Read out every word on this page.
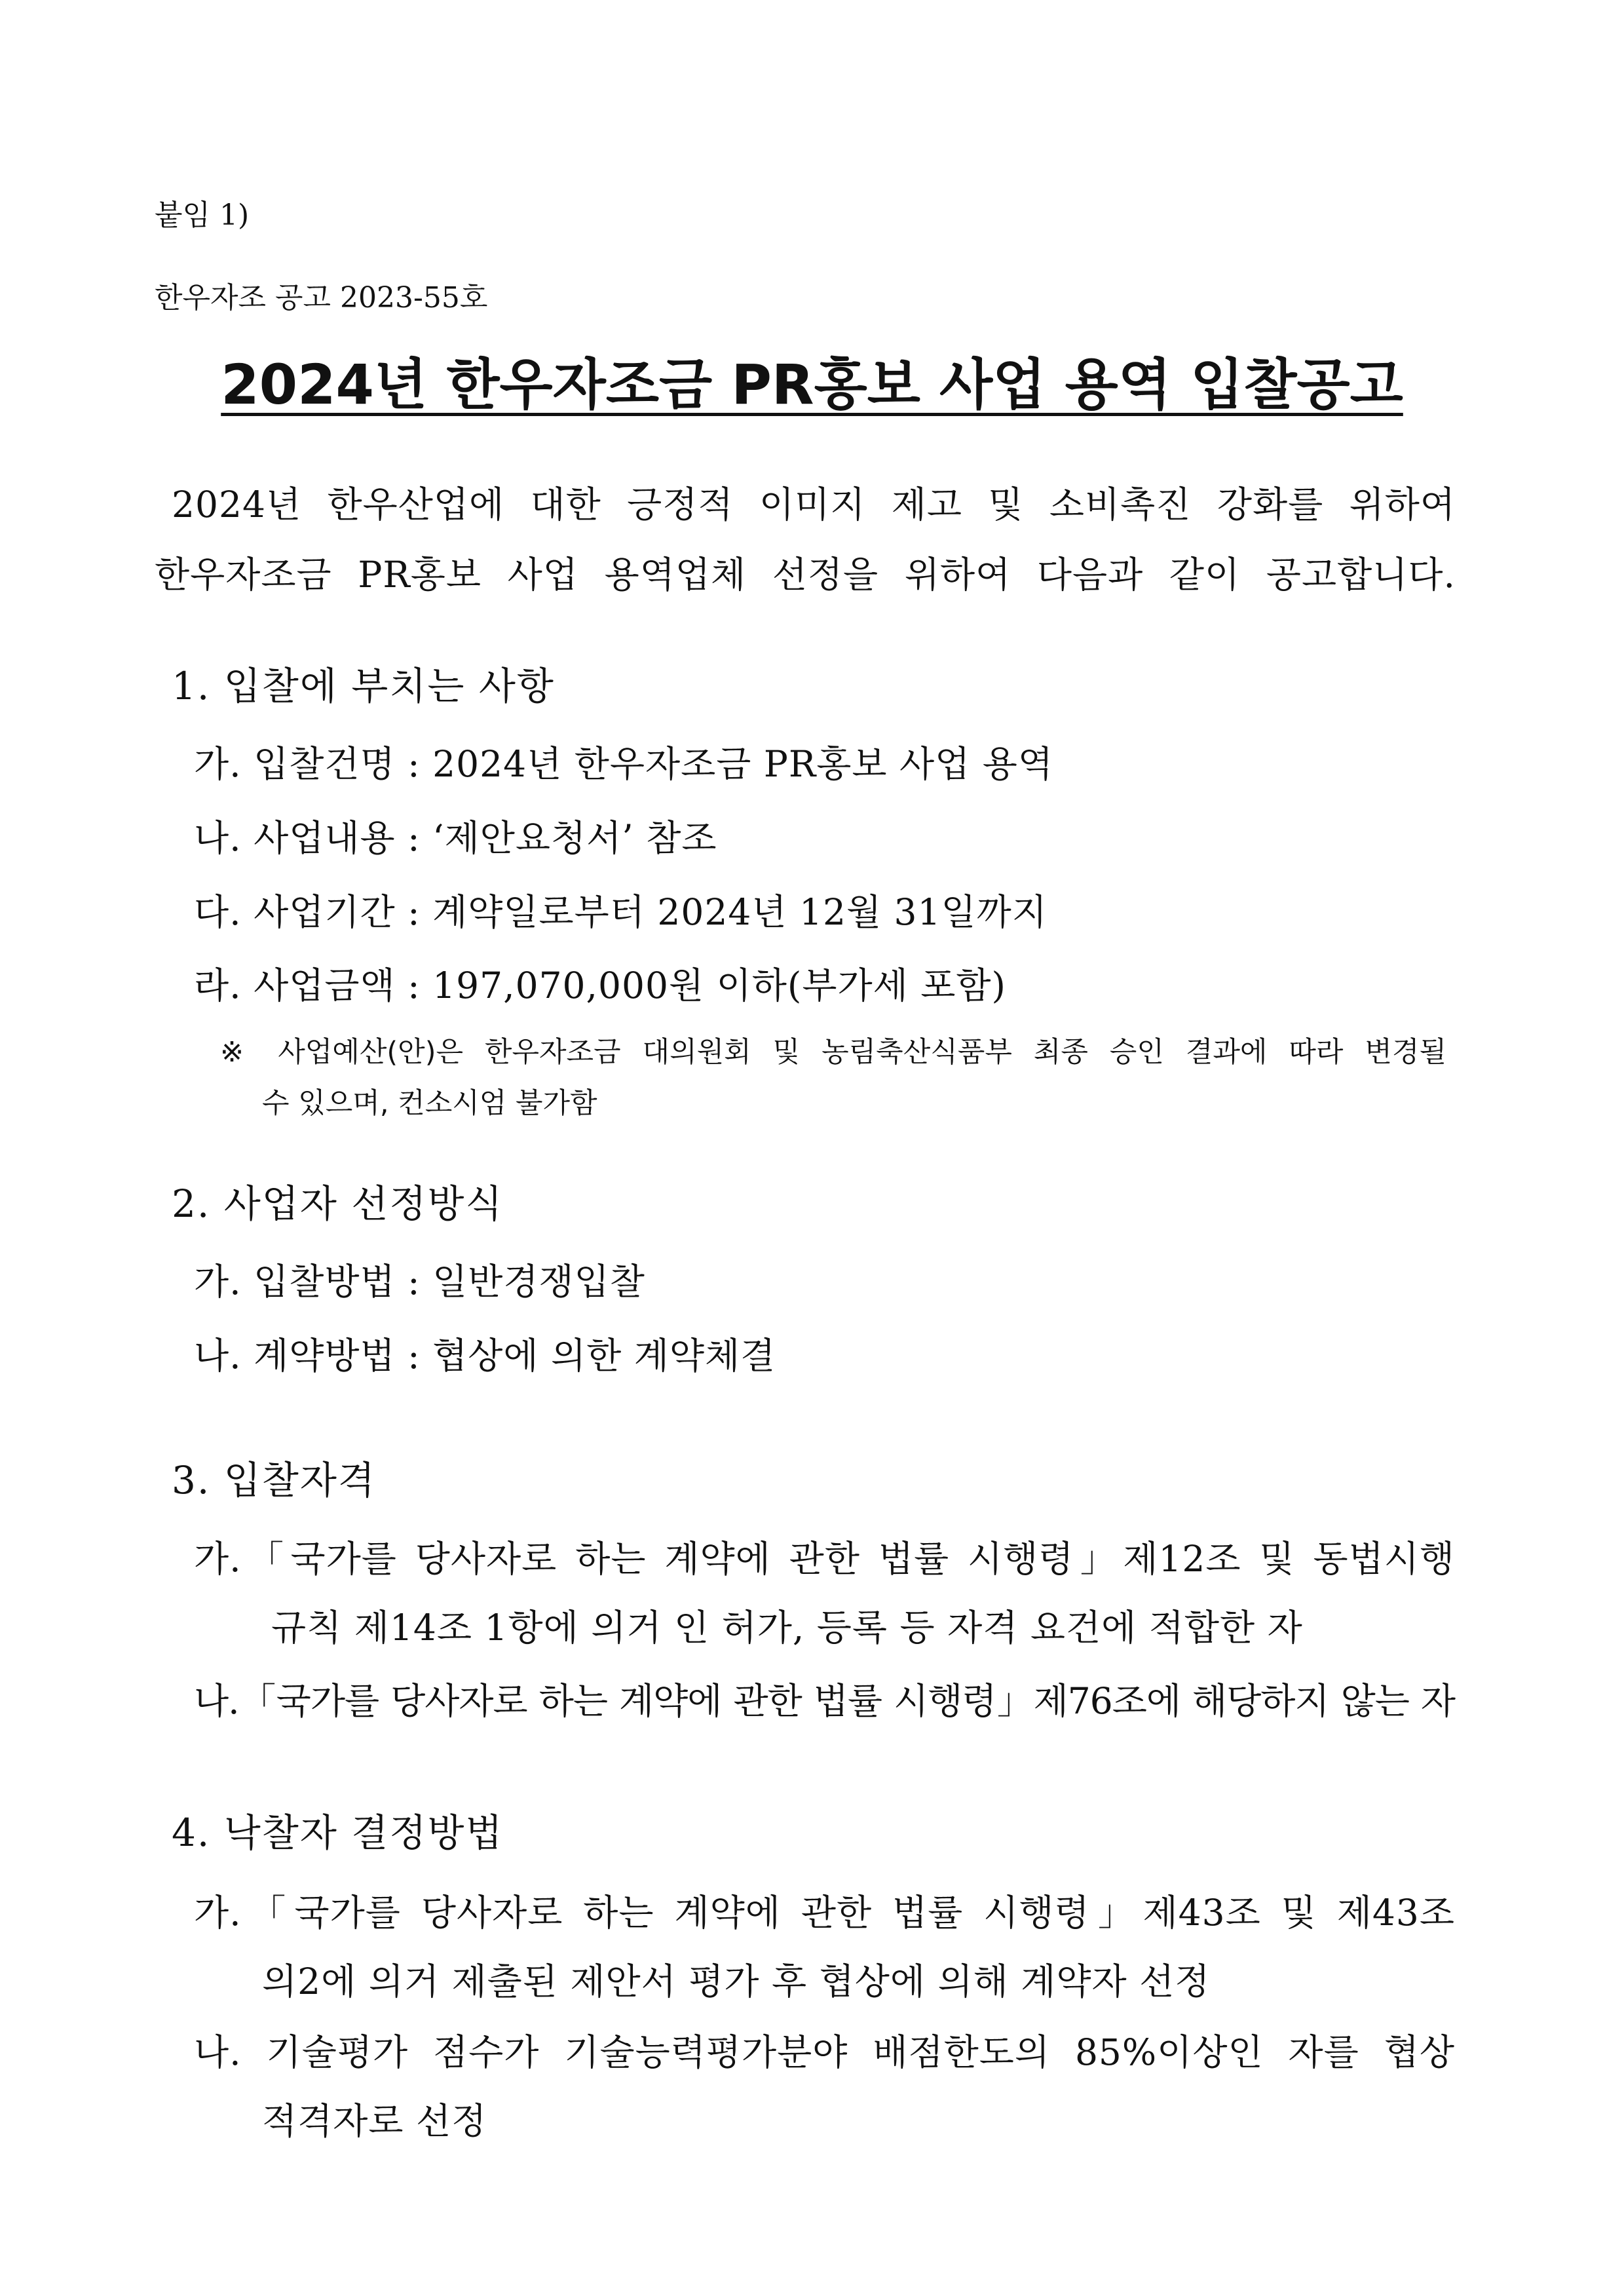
붙임 1)
한우자조 공고 2023-55호
2024년 한우자조금 PR홍보 사업 용역 입찰공고
2024년 한우산업에 대한 긍정적 이미지 제고 및 소비촉진 강화를 위하여
한우자조금 PR홍보 사업 용역업체 선정을 위하여 다음과 같이 공고합니다.
1. 입찰에 부치는 사항
가. 입찰건명 : 2024년 한우자조금 PR홍보 사업 용역
나. 사업내용 : ‘제안요청서’ 참조
다. 사업기간 : 계약일로부터 2024년 12월 31일까지
라. 사업금액 : 197,070,000원 이하(부가세 포함)
※ 사업예산(안)은 한우자조금 대의원회 및 농림축산식품부 최종 승인 결과에 따라 변경될
수 있으며, 컨소시엄 불가함
2. 사업자 선정방식
가. 입찰방법 : 일반경쟁입찰
나. 계약방법 : 협상에 의한 계약체결
3. 입찰자격
가.「국가를 당사자로 하는 계약에 관한 법률 시행령」제12조 및 동법시행
규칙 제14조 1항에 의거 인 허가, 등록 등 자격 요건에 적합한 자
나.「국가를 당사자로 하는 계약에 관한 법률 시행령」제76조에 해당하지 않는 자
4. 낙찰자 결정방법
가.「국가를 당사자로 하는 계약에 관한 법률 시행령」제43조 및 제43조
의2에 의거 제출된 제안서 평가 후 협상에 의해 계약자 선정
나. 기술평가 점수가 기술능력평가분야 배점한도의 85%이상인 자를 협상
적격자로 선정
